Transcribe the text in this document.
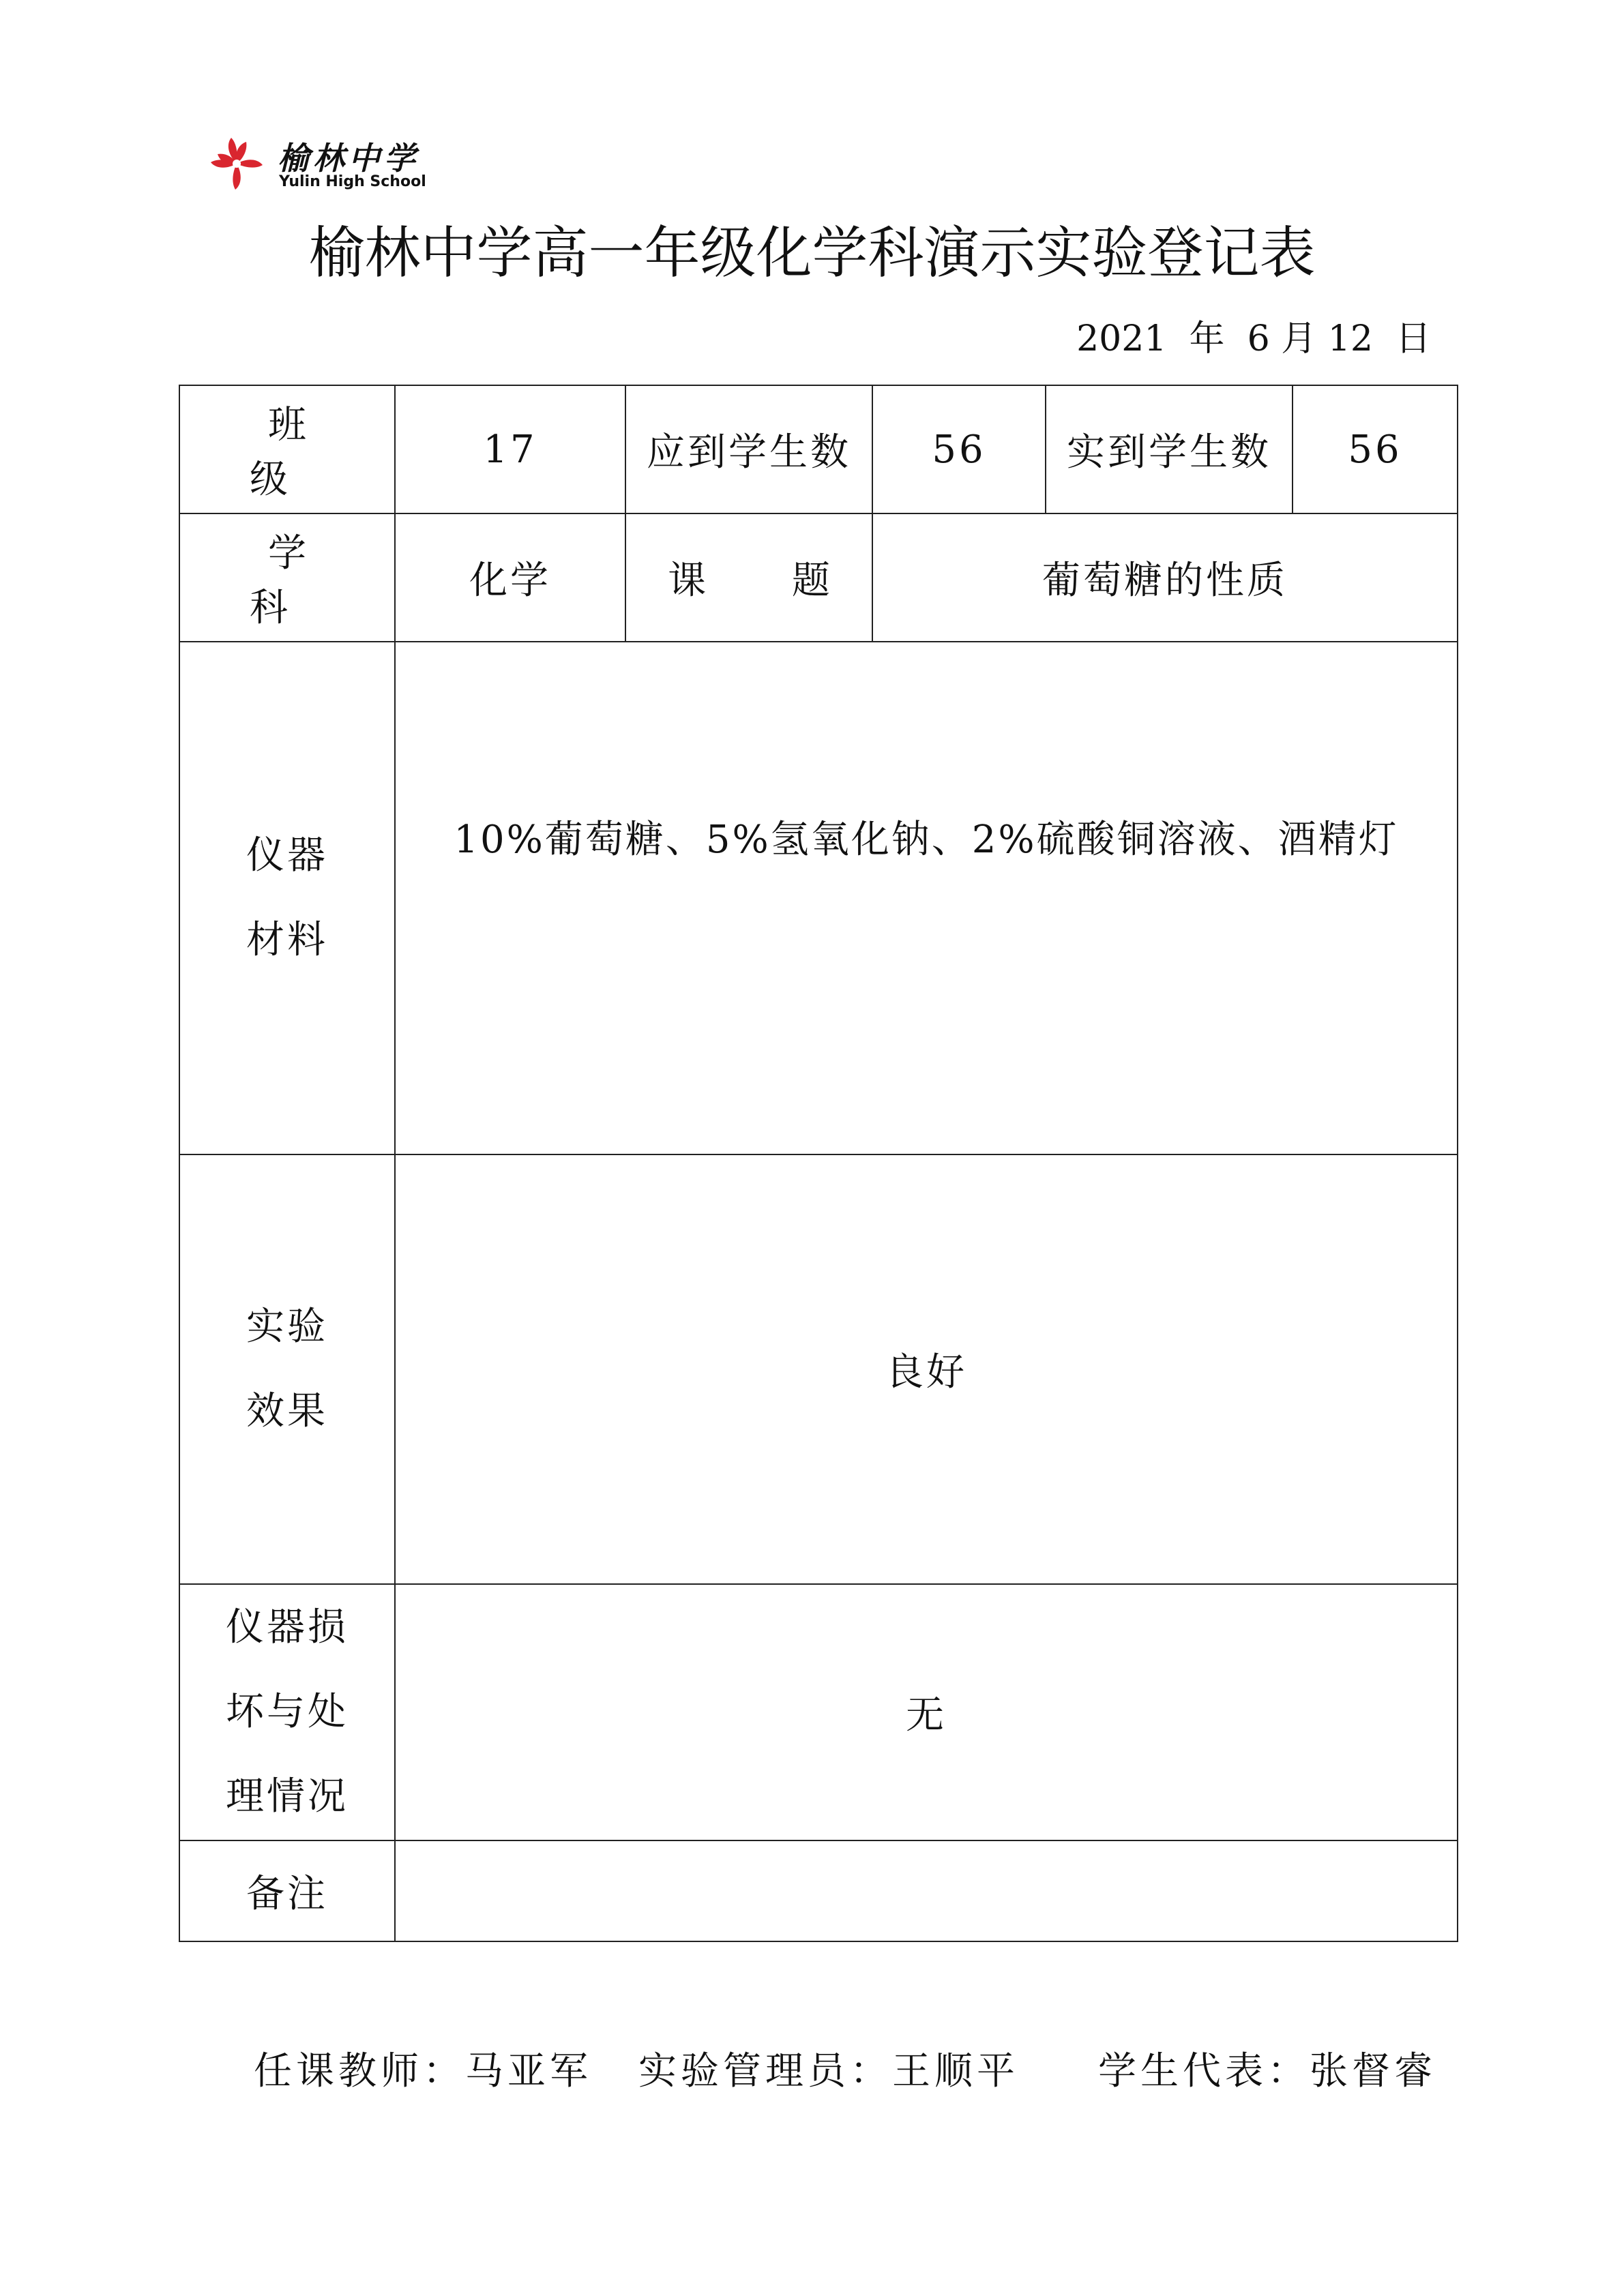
榆林中学
Yulin High School
榆林中学高一年级化学科演示实验登记表
2021 年 6 月 12 日
班 级	17	应到学生数	56	实到学生数	56
学 科	化学	课 题	葡萄糖的性质		

仪器
材料	10%葡萄糖、5%氢氧化钠、2%硫酸铜溶液、酒精灯				

实验
效果	良好				

仪器损
坏与处
理情况	无				
备注					
任课教师：马亚军 实验管理员：王顺平 学生代表：张督睿
